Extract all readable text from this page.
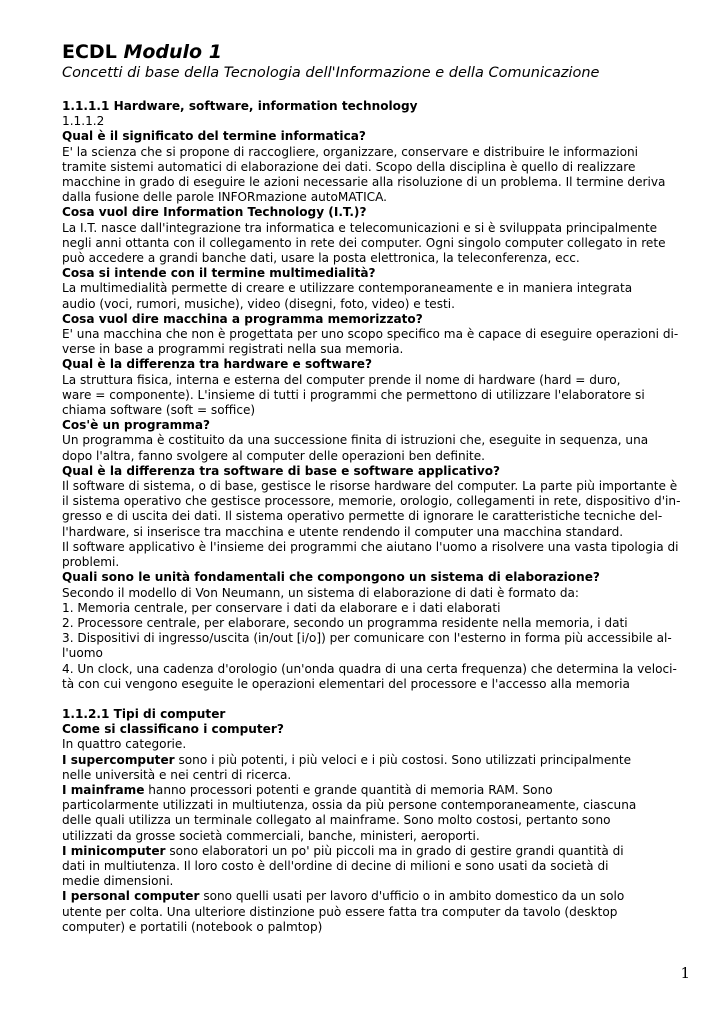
ECDL Modulo 1

Concetti di base della Tecnologia dell'Informazione e della Comunicazione

1.1.1.1 Hardware, software, information technology
1.1.1.2
Qual è il significato del termine informatica?
E' la scienza che si propone di raccogliere, organizzare, conservare e distribuire le informazioni
tramite sistemi automatici di elaborazione dei dati. Scopo della disciplina è quello di realizzare
macchine in grado di eseguire le azioni necessarie alla risoluzione di un problema. Il termine deriva
dalla fusione delle parole INFORmazione autoMATICA.
Cosa vuol dire Information Technology (I.T.)?
La I.T. nasce dall'integrazione tra informatica e telecomunicazioni e si è sviluppata principalmente
negli anni ottanta con il collegamento in rete dei computer. Ogni singolo computer collegato in rete
può accedere a grandi banche dati, usare la posta elettronica, la teleconferenza, ecc.
Cosa si intende con il termine multimedialità?
La multimedialità permette di creare e utilizzare contemporaneamente e in maniera integrata
audio (voci, rumori, musiche), video (disegni, foto, video) e testi.
Cosa vuol dire macchina a programma memorizzato?
E' una macchina che non è progettata per uno scopo specifico ma è capace di eseguire operazioni di-
verse in base a programmi registrati nella sua memoria.
Qual è la differenza tra hardware e software?
La struttura fisica, interna e esterna del computer prende il nome di hardware (hard = duro,
ware = componente). L'insieme di tutti i programmi che permettono di utilizzare l'elaboratore si
chiama software (soft = soffice)
Cos'è un programma?
Un programma è costituito da una successione finita di istruzioni che, eseguite in sequenza, una
dopo l'altra, fanno svolgere al computer delle operazioni ben definite.
Qual è la differenza tra software di base e software applicativo?
Il software di sistema, o di base, gestisce le risorse hardware del computer. La parte più importante è
il sistema operativo che gestisce processore, memorie, orologio, collegamenti in rete, dispositivo d'in-
gresso e di uscita dei dati. Il sistema operativo permette di ignorare le caratteristiche tecniche del-
l'hardware, si inserisce tra macchina e utente rendendo il computer una macchina standard.
Il software applicativo è l'insieme dei programmi che aiutano l'uomo a risolvere una vasta tipologia di
problemi.
Quali sono le unità fondamentali che compongono un sistema di elaborazione?
Secondo il modello di Von Neumann, un sistema di elaborazione di dati è formato da:
1. Memoria centrale, per conservare i dati da elaborare e i dati elaborati
2. Processore centrale, per elaborare, secondo un programma residente nella memoria, i dati
3. Dispositivi di ingresso/uscita (in/out [i/o]) per comunicare con l'esterno in forma più accessibile al-
l'uomo
4. Un clock, una cadenza d'orologio (un'onda quadra di una certa frequenza) che determina la veloci-
tà con cui vengono eseguite le operazioni elementari del processore e l'accesso alla memoria
1.1.2.1 Tipi di computer
Come si classificano i computer?
In quattro categorie.
I supercomputer sono i più potenti, i più veloci e i più costosi. Sono utilizzati principalmente
nelle università e nei centri di ricerca.
I mainframe hanno processori potenti e grande quantità di memoria RAM. Sono
particolarmente utilizzati in multiutenza, ossia da più persone contemporaneamente, ciascuna
delle quali utilizza un terminale collegato al mainframe. Sono molto costosi, pertanto sono
utilizzati da grosse società commerciali, banche, ministeri, aeroporti.
I minicomputer sono elaboratori un po' più piccoli ma in grado di gestire grandi quantità di
dati in multiutenza. Il loro costo è dell'ordine di decine di milioni e sono usati da società di
medie dimensioni.
I personal computer sono quelli usati per lavoro d'ufficio o in ambito domestico da un solo
utente per colta. Una ulteriore distinzione può essere fatta tra computer da tavolo (desktop
computer) e portatili (notebook o palmtop)
1
